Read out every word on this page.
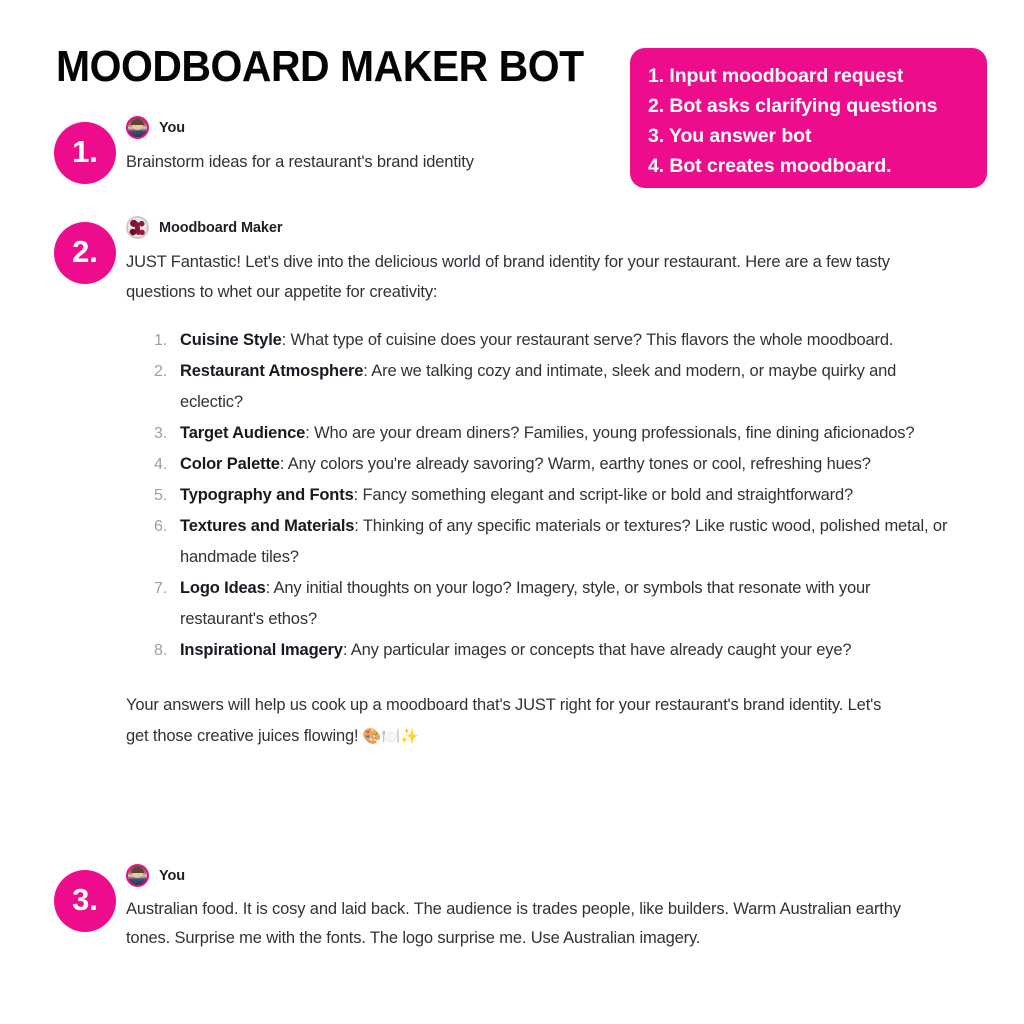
MOODBOARD MAKER BOT	1. Input moodboard request
2. Bot asks clarifying questions
3. You answer bot
4. Bot creates moodboard.
1.
You
Brainstorm ideas for a restaurant's brand identity
2.
Moodboard Maker
JUST Fantastic! Let's dive into the delicious world of brand identity for your restaurant. Here are a few tasty questions to whet our appetite for creativity:
Cuisine Style: What type of cuisine does your restaurant serve? This flavors the whole moodboard.
Restaurant Atmosphere: Are we talking cozy and intimate, sleek and modern, or maybe quirky and eclectic?
Target Audience: Who are your dream diners? Families, young professionals, fine dining aficionados?
Color Palette: Any colors you're already savoring? Warm, earthy tones or cool, refreshing hues?
Typography and Fonts: Fancy something elegant and script-like or bold and straightforward?
Textures and Materials: Thinking of any specific materials or textures? Like rustic wood, polished metal, or handmade tiles?
Logo Ideas: Any initial thoughts on your logo? Imagery, style, or symbols that resonate with your restaurant's ethos?
Inspirational Imagery: Any particular images or concepts that have already caught your eye?
Your answers will help us cook up a moodboard that's JUST right for your restaurant's brand identity. Let's get those creative juices flowing! 🎨🍽️✨
3.
You
Australian food. It is cosy and laid back. The audience is trades people, like builders. Warm Australian earthy tones. Surprise me with the fonts. The logo surprise me. Use Australian imagery.
